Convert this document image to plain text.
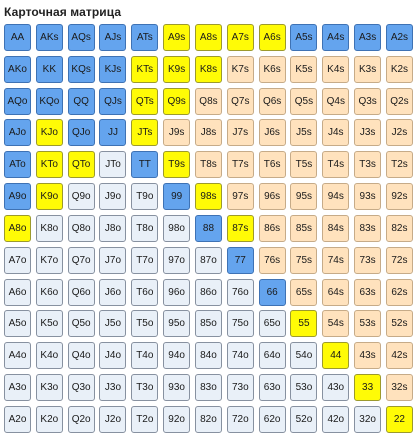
Карточная матрица
AA	AKs	AQs	AJs	ATs	A9s	A8s	A7s	A6s	A5s	A4s	A3s	A2s
AKo	KK	KQs	KJs	KTs	K9s	K8s	K7s	K6s	K5s	K4s	K3s	K2s
AQo	KQo	QQ	QJs	QTs	Q9s	Q8s	Q7s	Q6s	Q5s	Q4s	Q3s	Q2s
AJo	KJo	QJo	JJ	JTs	J9s	J8s	J7s	J6s	J5s	J4s	J3s	J2s
ATo	KTo	QTo	JTo	TT	T9s	T8s	T7s	T6s	T5s	T4s	T3s	T2s
A9o	K9o	Q9o	J9o	T9o	99	98s	97s	96s	95s	94s	93s	92s
A8o	K8o	Q8o	J8o	T8o	98o	88	87s	86s	85s	84s	83s	82s
A7o	K7o	Q7o	J7o	T7o	97o	87o	77	76s	75s	74s	73s	72s
A6o	K6o	Q6o	J6o	T6o	96o	86o	76o	66	65s	64s	63s	62s
A5o	K5o	Q5o	J5o	T5o	95o	85o	75o	65o	55	54s	53s	52s
A4o	K4o	Q4o	J4o	T4o	94o	84o	74o	64o	54o	44	43s	42s
A3o	K3o	Q3o	J3o	T3o	93o	83o	73o	63o	53o	43o	33	32s
A2o	K2o	Q2o	J2o	T2o	92o	82o	72o	62o	52o	42o	32o	22
